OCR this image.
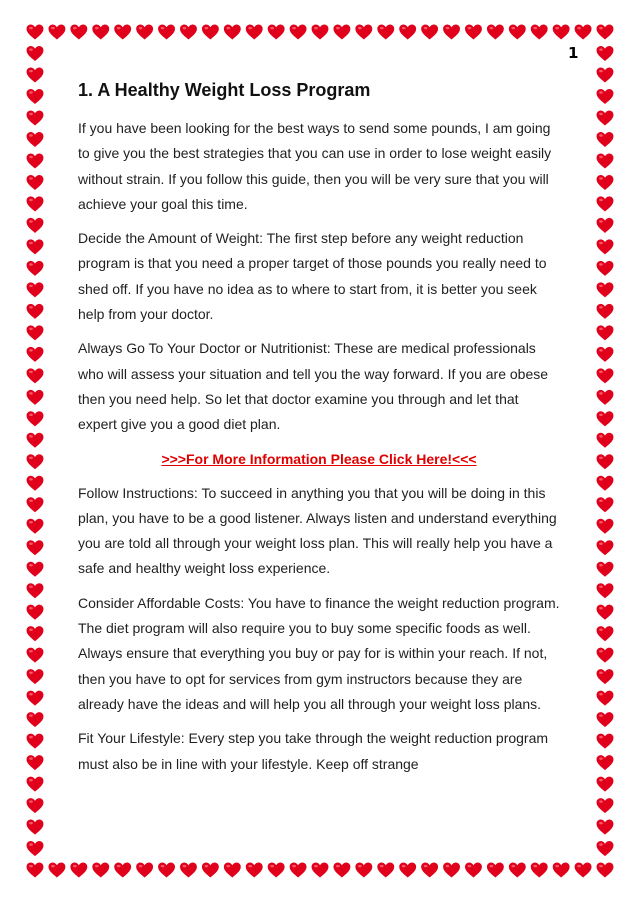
1
1. A Healthy Weight Loss Program

If you have been looking for the best ways to send some pounds, I am going to give you the best strategies that you can use in order to lose weight easily without strain. If you follow this guide, then you will be very sure that you will achieve your goal this time.

Decide the Amount of Weight: The first step before any weight reduction program is that you need a proper target of those pounds you really need to shed off. If you have no idea as to where to start from, it is better you seek help from your doctor.

Always Go To Your Doctor or Nutritionist: These are medical professionals who will assess your situation and tell you the way forward. If you are obese then you need help. So let that doctor examine you through and let that expert give you a good diet plan.

>>>For More Information Please Click Here!<<<

Follow Instructions: To succeed in anything you that you will be doing in this plan, you have to be a good listener. Always listen and understand everything you are told all through your weight loss plan. This will really help you have a safe and healthy weight loss experience.

Consider Affordable Costs: You have to finance the weight reduction program. The diet program will also require you to buy some specific foods as well. Always ensure that everything you buy or pay for is within your reach. If not, then you have to opt for services from gym instructors because they are already have the ideas and will help you all through your weight loss plans.

Fit Your Lifestyle: Every step you take through the weight reduction program must also be in line with your lifestyle. Keep off strange
